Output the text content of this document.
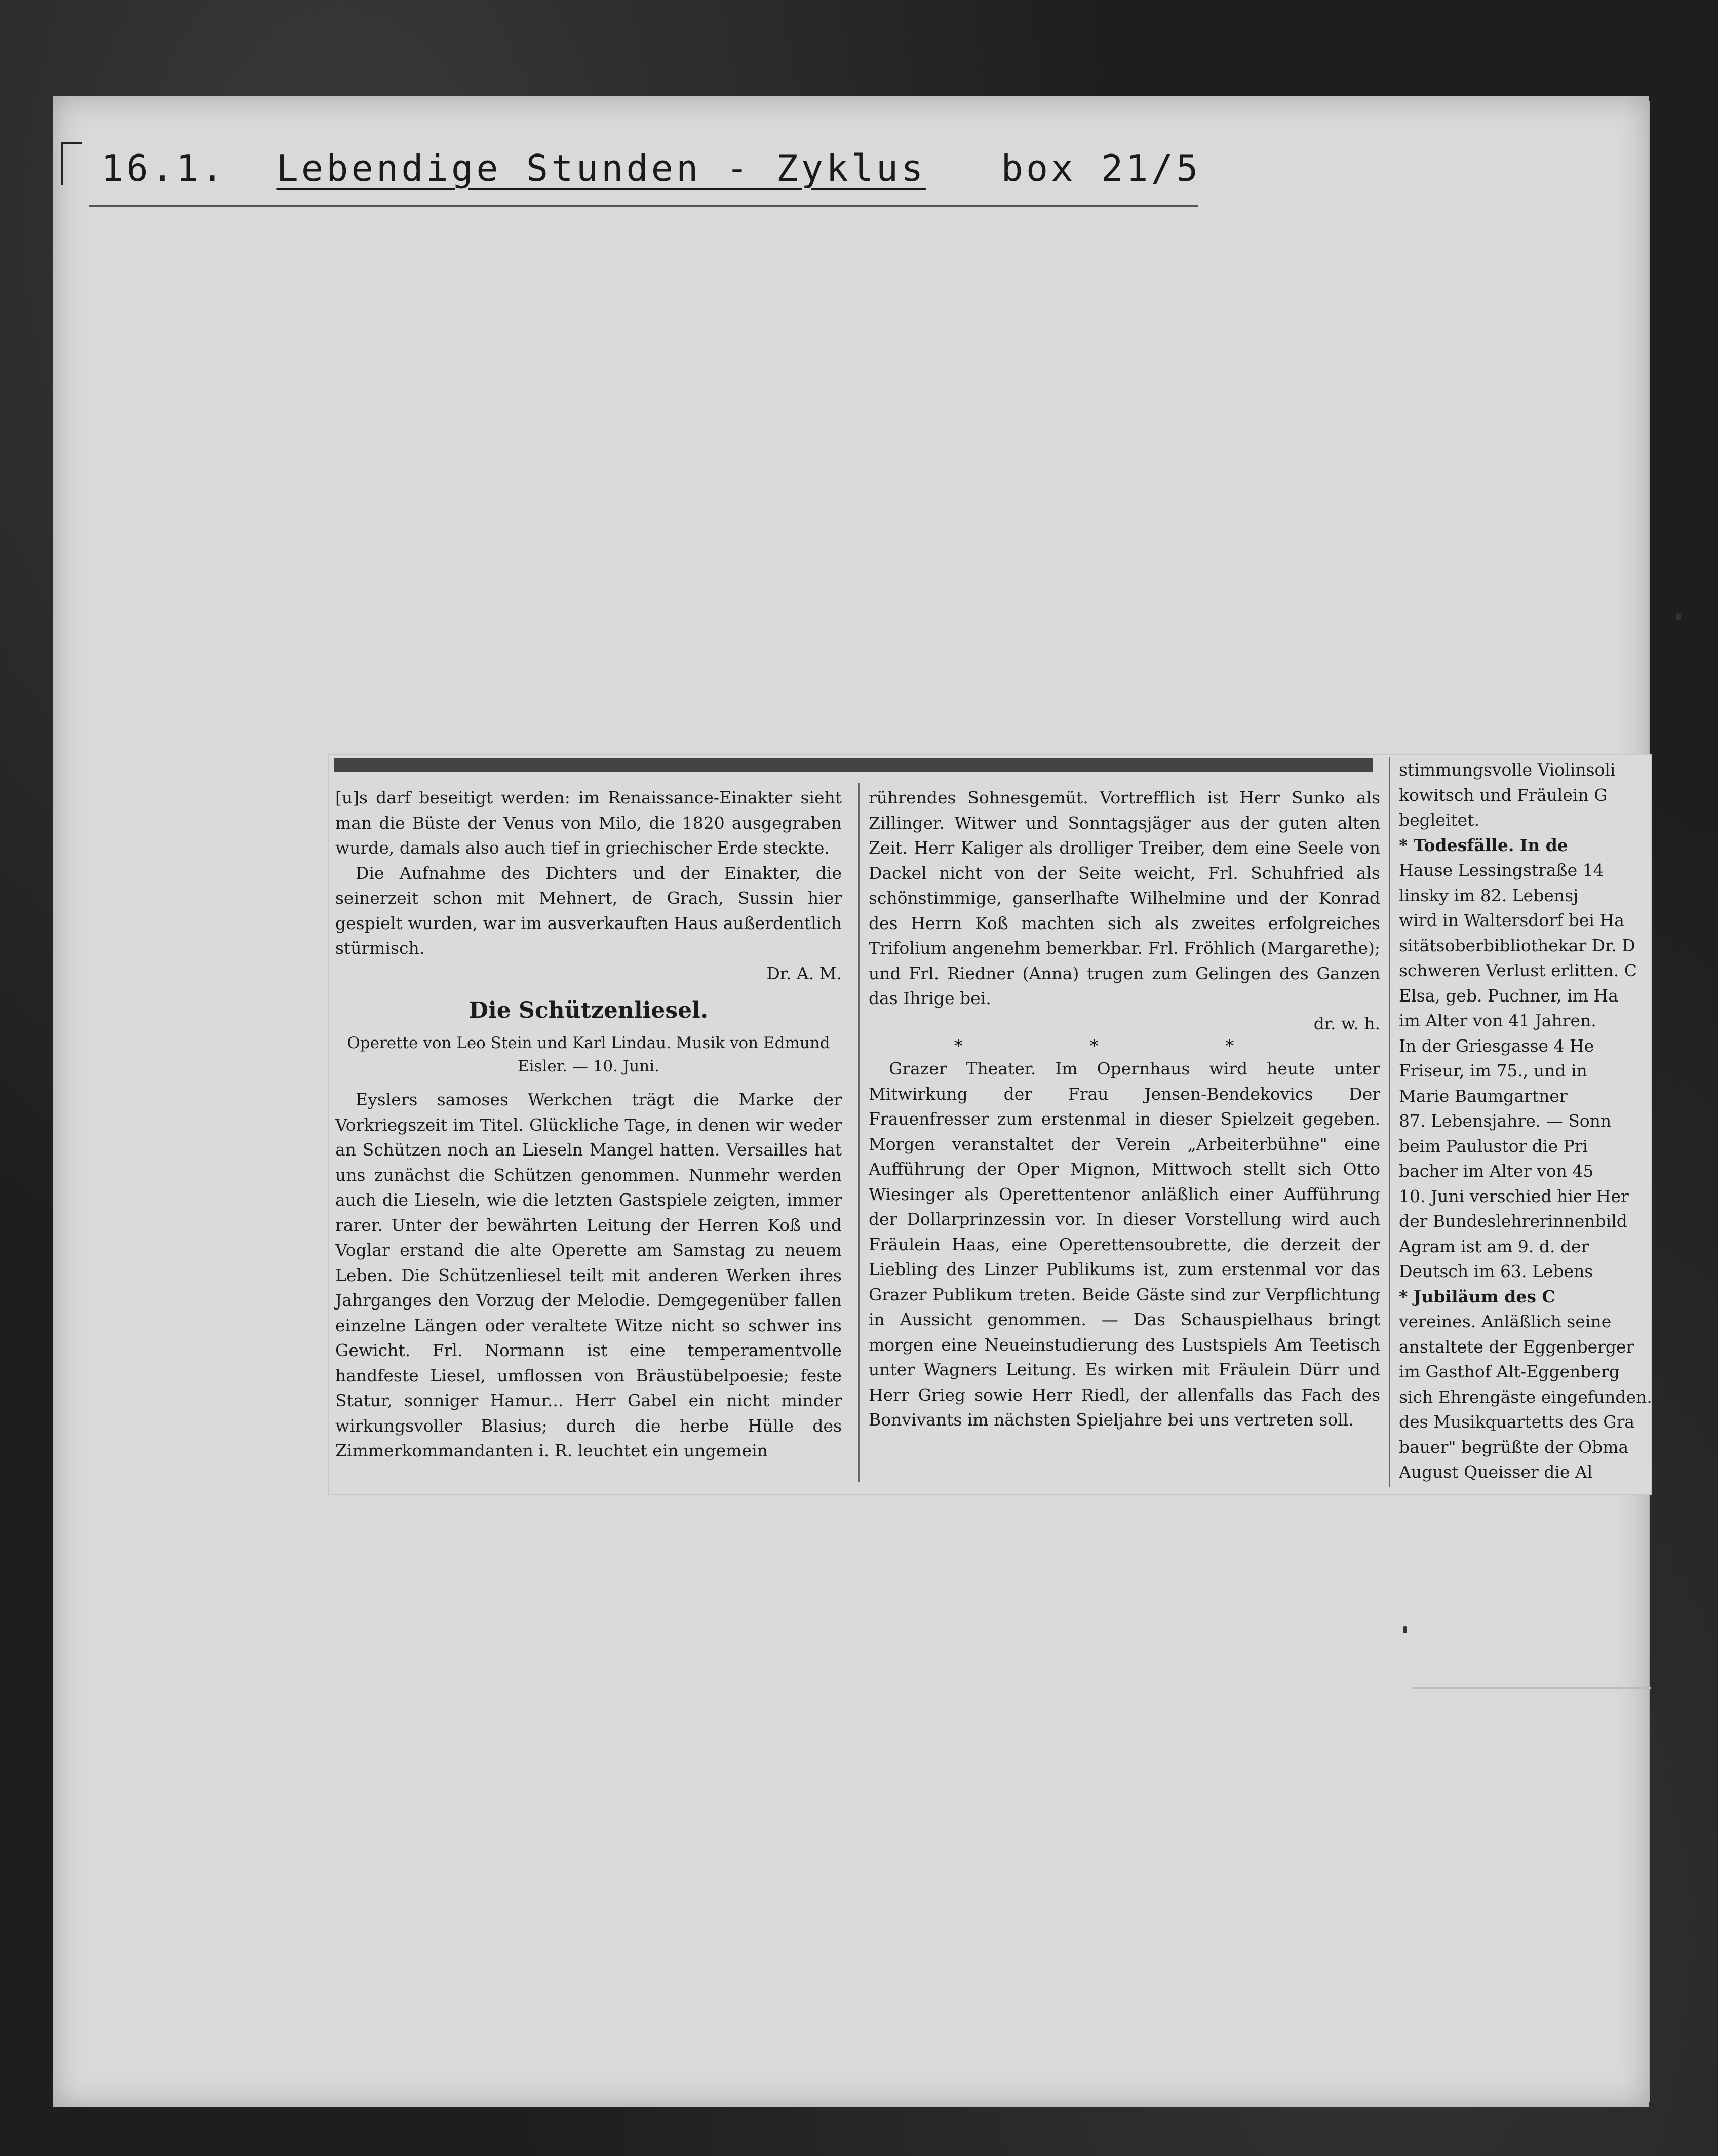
16.1.
Lebendige Stunden - Zyklus
box 21/5

[u]s darf beseitigt werden: im Renaissance-Einakter sieht man die Büste der Venus von Milo, die 1820 ausgegraben wurde, damals also auch tief in griechischer Erde steckte.

Die Aufnahme des Dichters und der Einakter, die seinerzeit schon mit Mehnert, de Grach, Sussin hier gespielt wurden, war im ausverkauften Haus außerdentlich stürmisch.

Dr. A. M.

Die Schützenliesel.
Operette von Leo Stein und Karl Lindau. Musik von Edmund Eisler. — 10. Juni.

Eyslers samoses Werkchen trägt die Marke der Vorkriegszeit im Titel. Glückliche Tage, in denen wir weder an Schützen noch an Lieseln Mangel hatten. Versailles hat uns zunächst die Schützen genommen. Nunmehr werden auch die Lieseln, wie die letzten Gastspiele zeigten, immer rarer. Unter der bewährten Leitung der Herren Koß und Voglar erstand die alte Operette am Samstag zu neuem Leben. Die Schützenliesel teilt mit anderen Werken ihres Jahrganges den Vorzug der Melodie. Demgegenüber fallen einzelne Längen oder veraltete Witze nicht so schwer ins Gewicht. Frl. Normann ist eine temperamentvolle handfeste Liesel, umflossen von Bräustübelpoesie; feste Statur, sonniger Hamur... Herr Gabel ein nicht minder wirkungsvoller Blasius; durch die herbe Hülle des Zimmerkommandanten i. R. leuchtet ein ungemein

rührendes Sohnesgemüt. Vortrefflich ist Herr Sunko als Zillinger. Witwer und Sonntagsjäger aus der guten alten Zeit. Herr Kaliger als drolliger Treiber, dem eine Seele von Dackel nicht von der Seite weicht, Frl. Schuhfried als schönstimmige, ganserlhafte Wilhelmine und der Konrad des Herrn Koß machten sich als zweites erfolgreiches Trifolium angenehm bemerkbar. Frl. Fröhlich (Margarethe); und Frl. Riedner (Anna) trugen zum Gelingen des Ganzen das Ihrige bei.

dr. w. h.

* * *

Grazer Theater. Im Opernhaus wird heute unter Mitwirkung der Frau Jensen-Bendekovics Der Frauenfresser zum erstenmal in dieser Spielzeit gegeben. Morgen veranstaltet der Verein „Arbeiterbühne" eine Aufführung der Oper Mignon, Mittwoch stellt sich Otto Wiesinger als Operettentenor anläßlich einer Aufführung der Dollarprinzessin vor. In dieser Vorstellung wird auch Fräulein Haas, eine Operettensoubrette, die derzeit der Liebling des Linzer Publikums ist, zum erstenmal vor das Grazer Publikum treten. Beide Gäste sind zur Verpflichtung in Aussicht genommen. — Das Schauspielhaus bringt morgen eine Neueinstudierung des Lustspiels Am Teetisch unter Wagners Leitung. Es wirken mit Fräulein Dürr und Herr Grieg sowie Herr Riedl, der allenfalls das Fach des Bonvivants im nächsten Spieljahre bei uns vertreten soll.

stimmungsvolle Violinsoli
kowitsch und Fräulein G
begleitet.
* Todesfälle. In de
Hause Lessingstraße 14
linsky im 82. Lebensj
wird in Waltersdorf bei Ha
sitätsoberbibliothekar Dr. D
schweren Verlust erlitten. C
Elsa, geb. Puchner, im Ha
im Alter von 41 Jahren.
In der Griesgasse 4 He
Friseur, im 75., und in
Marie Baumgartner
87. Lebensjahre. — Sonn
beim Paulustor die Pri
bacher im Alter von 45
10. Juni verschied hier Her
der Bundeslehrerinnenbild
Agram ist am 9. d. der
Deutsch im 63. Lebens
* Jubiläum des C
vereines. Anläßlich seine
anstaltete der Eggenberger
im Gasthof Alt-Eggenberg
sich Ehrengäste eingefunden.
des Musikquartetts des Gra
bauer" begrüßte der Obma
August Queisser die Al
